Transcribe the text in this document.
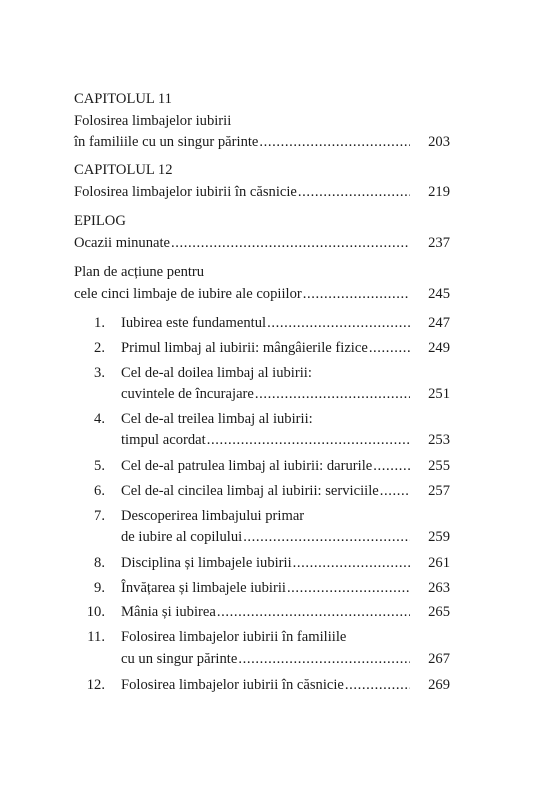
CAPITOLUL 11
Folosirea limbajelor iubirii
în familiile cu un singur părinte .....	203
CAPITOLUL 12
Folosirea limbajelor iubirii în căsnicie .....	219
EPILOG
Ocazii minunate .....	237
Plan de acțiune pentru
cele cinci limbaje de iubire ale copiilor .....	245
1. Iubirea este fundamentul .....	247
2. Primul limbaj al iubirii: mângâierile fizice .....	249
3. Cel de-al doilea limbaj al iubirii:
cuvintele de încurajare .....	251
4. Cel de-al treilea limbaj al iubirii:
timpul acordat .....	253
5. Cel de-al patrulea limbaj al iubirii: darurile .....	255
6. Cel de-al cincilea limbaj al iubirii: serviciile .....	257
7. Descoperirea limbajului primar
de iubire al copilului .....	259
8. Disciplina și limbajele iubirii .....	261
9. Învățarea și limbajele iubirii .....	263
10. Mânia și iubirea .....	265
11. Folosirea limbajelor iubirii în familiile
cu un singur părinte .....	267
12. Folosirea limbajelor iubirii în căsnicie .....	269
